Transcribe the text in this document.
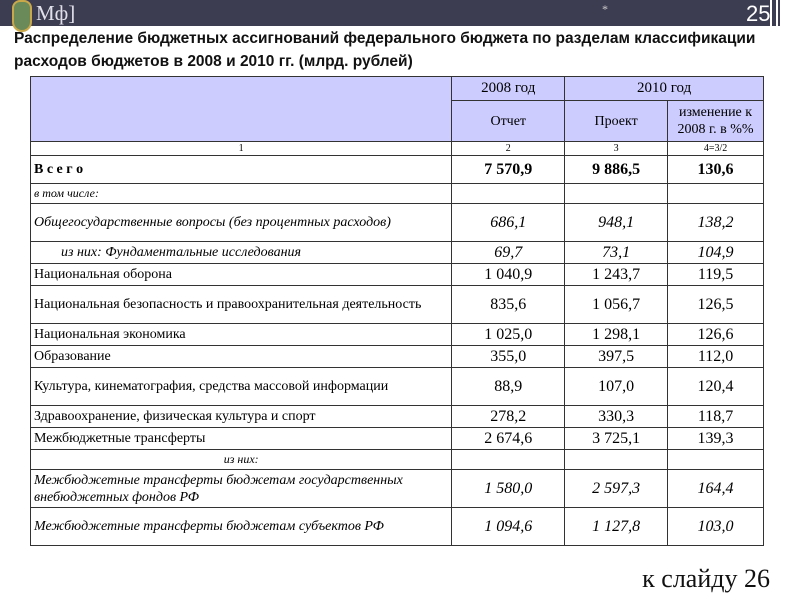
Мф]	*	25
Распределение бюджетных ассигнований федерального бюджета по разделам классификации расходов бюджетов в 2008 и 2010 гг. (млрд. рублей)
	2008 год	2010 год	
	Отчет	Проект	изменение к 2008 г. в %%
1	2	3	4=3/2
В с е г о	7 570,9	9 886,5	130,6
в том числе:			
Общегосударственные вопросы (без процентных расходов)	686,1	948,1	138,2
из них: Фундаментальные исследования	69,7	73,1	104,9
Национальная оборона	1 040,9	1 243,7	119,5
Национальная безопасность и правоохранительная деятельность	835,6	1 056,7	126,5
Национальная экономика	1 025,0	1 298,1	126,6
Образование	355,0	397,5	112,0
Культура, кинематография, средства массовой информации	88,9	107,0	120,4
Здравоохранение, физическая культура и спорт	278,2	330,3	118,7
Межбюджетные трансферты	2 674,6	3 725,1	139,3
из них:			
Межбюджетные трансферты бюджетам государственных внебюджетных фондов РФ	1 580,0	2 597,3	164,4
Межбюджетные трансферты бюджетам субъектов РФ	1 094,6	1 127,8	103,0
к слайду 26
